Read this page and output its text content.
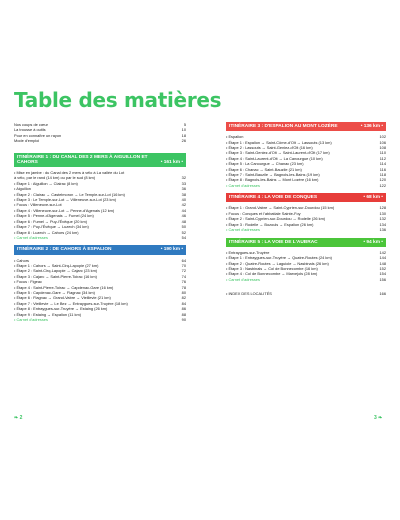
Table des matières
Nos coups de cœur	5
La trousse à outils	10
Pour en connaître un rayon	18
Mode d'emploi	26
ITINÉRAIRE 1 : DU CANAL DES 2 MERS À AIGUILLON ET CAHORS	• 161 km •
• Mise en jambe : du Canal des 2 mers à vélo à La vallée du Lot
à vélo, par le rand (14 km) ou par le sud (8 km)	32
• Étape 1 : Aiguillon → Clairac (8 km)	33
• Aiguillon	36
• Étape 2 : Clairac → Castelmoron → Le Temple-sur-Lot (16 km)	38
• Étape 3 : Le Temple-sur-Lot → Villeneuve-sur-Lot (23 km)	40
• Focus : Villeneuve-sur-Lot	42
• Étape 4 : Villeneuve-sur-Lot → Penne-d'Agenais (12 km)	44
• Étape 5 : Penne-d'Agenais → Fumel (24 km)	46
• Étape 6 : Fumel → Puy-l'Évêque (20 km)	48
• Étape 7 : Puy-l'Évêque → Luzech (34 km)	50
• Étape 8 : Luzech → Cahors (24 km)	52
• Carnet d'adresses	54
ITINÉRAIRE 2 : DE CAHORS À ESPALION	• 190 km •
• Cahors	64
• Étape 1 : Cahors → Saint-Cirq-Lapopie (27 km)	70
• Étape 2 : Saint-Cirq-Lapopie → Cajarc (23 km)	72
• Étape 3 : Cajarc → Saint-Pierre-Toirac (16 km)	74
• Focus : Figeac	76
• Étape 4 : Saint-Pierre-Toirac → Capdenac-Gare (16 km)	78
• Étape 5 : Capdenac-Gare → Flagnac (34 km)	80
• Étape 6 : Flagnac → Grand-Vabre → Vieillevie (21 km)	82
• Étape 7 : Vieillevie → Le Bez → Entraygues-sur-Truyère (18 km)	84
• Étape 8 : Entraygues-sur-Truyère → Estaing (26 km)	86
• Étape 9 : Estaing → Espalion (11 km)	88
• Carnet d'adresses	90
ITINÉRAIRE 3 : D'ESPALION AU MONT LOZÈRE	• 136 km •
• Espalion	102
• Étape 1 : Espalion → Saint-Côme-d'Olt → Lassouts (13 km)	106
• Étape 2 : Lassouts → Saint-Geniez-d'Olt (16 km)	108
• Étape 3 : Saint-Geniez-d'Olt → Saint-Laurent-d'Olt (17 km)	110
• Étape 4 : Saint-Laurent-d'Olt → La Canourgue (10 km)	112
• Étape 5 : La Canourgue → Chanac (23 km)	114
• Étape 6 : Chanac → Saint-Bauzile (21 km)	116
• Étape 7 : Saint-Bauzile → Bagnols-les-Bains (19 km)	118
• Étape 8 : Bagnols-les-Bains → Mont Lozère (16 km)	120
• Carnet d'adresses	122
ITINÉRAIRE 4 : LA VOIE DE CONQUES	• 68 km •
• Étape 1 : Grand-Vabre → Saint-Cyprien-sur-Dourdou (15 km)	128
• Focus : Conques et l'abbatiale Sainte-Foy	130
• Étape 2 : Saint-Cyprien-sur-Dourdou → Rodelle (26 km)	132
• Étape 3 : Rodelle → Bozouls → Espalion (26 km)	134
• Carnet d'adresses	136
ITINÉRAIRE 5 : LA VOIE DE L'AUBRAC	• 94 km •
• Entraygues-sur-Truyère	142
• Étape 1 : Entraygues-sur-Truyère → Quatre-Routes (24 km)	144
• Étape 2 : Quatre-Routes → Laguiole → Nasbinals (26 km)	148
• Étape 3 : Nasbinals → Col de Bonnecombe (16 km)	152
• Étape 4 : Col de Bonnecombe → Marvejols (28 km)	154
• Carnet d'adresses	156
• INDEX DES LOCALITÉS	166
❧ 2	3 ❧
